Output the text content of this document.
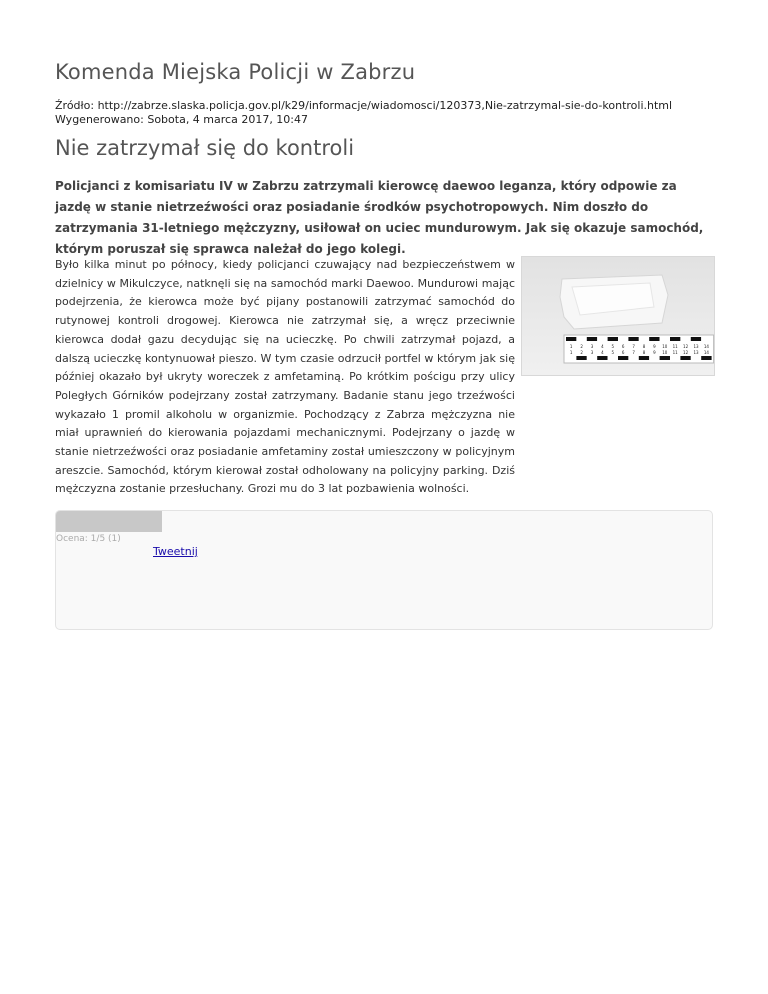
Komenda Miejska Policji w Zabrzu
Źródło: http://zabrze.slaska.policja.gov.pl/k29/informacje/wiadomosci/120373,Nie-zatrzymal-sie-do-kontroli.html
Wygenerowano: Sobota, 4 marca 2017, 10:47
Nie zatrzymał się do kontroli

Policjanci z komisariatu IV w Zabrzu zatrzymali kierowcę daewoo leganza, który odpowie za jazdę w stanie nietrzeźwości oraz posiadanie środków psychotropowych. Nim doszło do zatrzymania 31-letniego mężczyzny, usiłował on uciec mundurowym. Jak się okazuje samochód, którym poruszał się sprawca należał do jego kolegi.

Było kilka minut po północy, kiedy policjanci czuwający nad bezpieczeństwem w dzielnicy w Mikulczyce, natknęli się na samochód marki Daewoo. Mundurowi mając podejrzenia, że kierowca może być pijany postanowili zatrzymać samochód do rutynowej kontroli drogowej. Kierowca nie zatrzymał się, a wręcz przeciwnie kierowca dodał gazu decydując się na ucieczkę. Po chwili zatrzymał pojazd, a dalszą ucieczkę kontynuował pieszo. W tym czasie odrzucił portfel w którym jak się później okazało był ukryty woreczek z amfetaminą. Po krótkim pościgu przy ulicy Poległych Górników podejrzany został zatrzymany. Badanie stanu jego trzeźwości wykazało 1 promil alkoholu w organizmie. Pochodzący z Zabrza mężczyzna nie miał uprawnień do kierowania pojazdami mechanicznymi. Podejrzany o jazdę w stanie nietrzeźwości oraz posiadanie amfetaminy został umieszczony w policyjnym areszcie. Samochód, którym kierował został odholowany na policyjny parking. Dziś mężczyzna zostanie przesłuchany. Grozi mu do 3 lat pozbawienia wolności.

1
1
2
2
3
3
4
4
5
5
6
6
7
7
8
8
9
9
10
10
11
11
12
12
13
13
14
14
Ocena: 1/5 (1)
Tweetnij
